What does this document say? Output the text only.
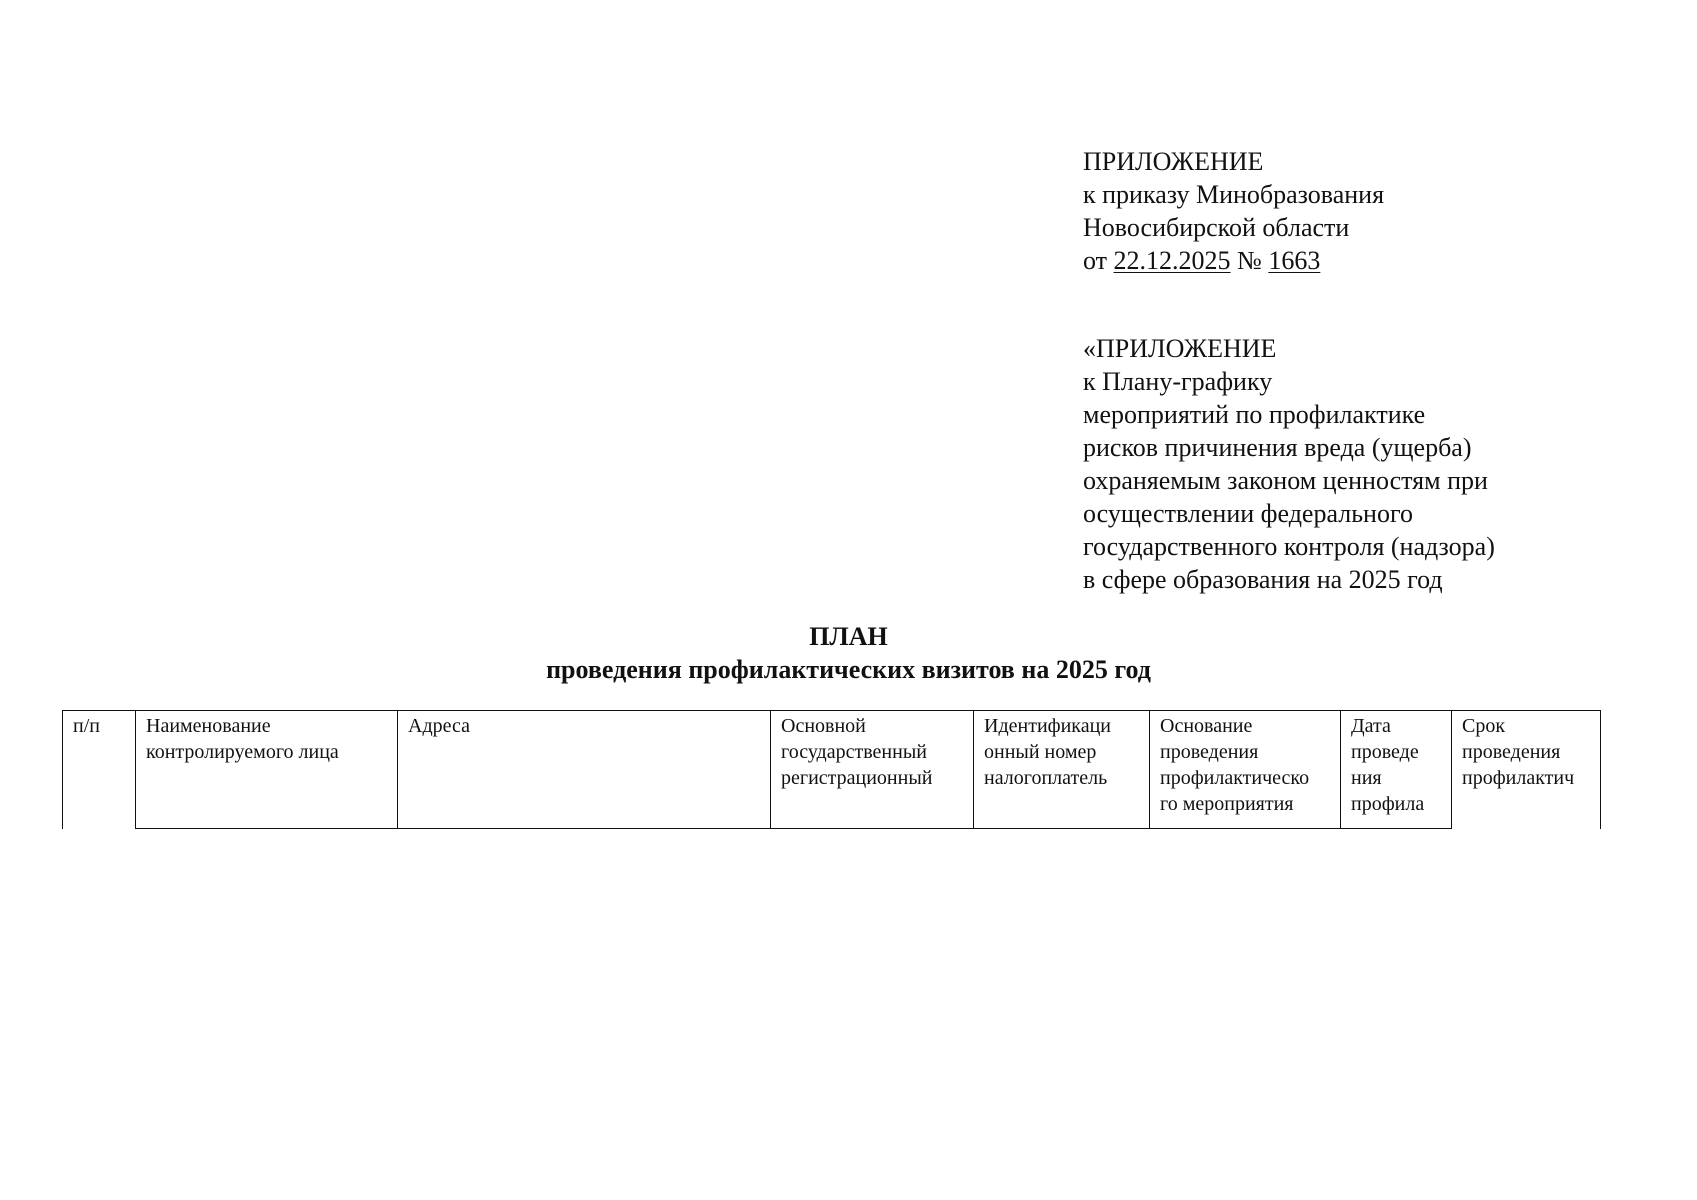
ПРИЛОЖЕНИЕ
к приказу Минобразования
Новосибирской области
от 22.12.2025 № 1663
«ПРИЛОЖЕНИЕ
к Плану-графику
мероприятий по профилактике
рисков причинения вреда (ущерба)
охраняемым законом ценностям при
осуществлении федерального
государственного контроля (надзора)
в сфере образования на 2025 год
ПЛАН
проведения профилактических визитов на 2025 год
п/п	Наименование
контролируемого лица
Адреса	Основной
государственный
регистрационный
Идентификаци
онный номер
налогоплатель
Основание
проведения
профилактическо
го мероприятия
Дата
проведе
ния
профила
Срок
проведения
профилактич
